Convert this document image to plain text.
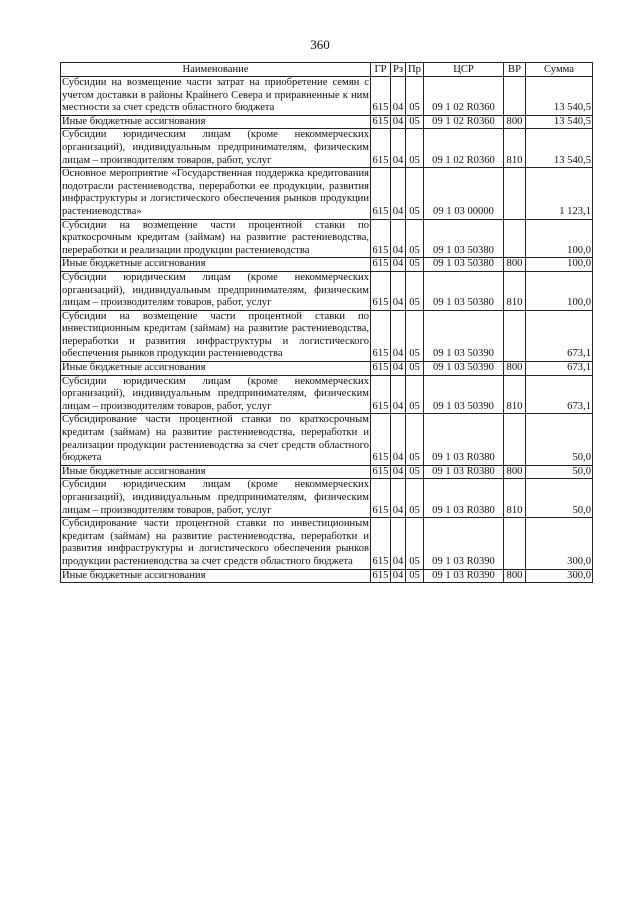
360
Наименование	ГР	Рз	Пр	ЦСР	ВР	Сумма
Субсидии на возмещение части затрат на приобретение семян с учетом доставки в районы Крайнего Севера и приравненные к ним местности за счет средств областного бюджета	615	04	05	09 1 02 R0360		13 540,5
Иные бюджетные ассигнования	615	04	05	09 1 02 R0360	800	13 540,5
Субсидии юридическим лицам (кроме некоммерческих организаций), индивидуальным предпринимателям, физическим лицам – производителям товаров, работ, услуг	615	04	05	09 1 02 R0360	810	13 540,5
Основное мероприятие «Государственная поддержка кредитования подотрасли растениеводства, переработки ее продукции, развития инфраструктуры и логистического обеспечения рынков продукции растениеводства»	615	04	05	09 1 03 00000		1 123,1
Субсидии на возмещение части процентной ставки по краткосрочным кредитам (займам) на развитие растениеводства, переработки и реализации продукции растениеводства	615	04	05	09 1 03 50380		100,0
Иные бюджетные ассигнования	615	04	05	09 1 03 50380	800	100,0
Субсидии юридическим лицам (кроме некоммерческих организаций), индивидуальным предпринимателям, физическим лицам – производителям товаров, работ, услуг	615	04	05	09 1 03 50380	810	100,0
Субсидии на возмещение части процентной ставки по инвестиционным кредитам (займам) на развитие растениеводства, переработки и развития инфраструктуры и логистического обеспечения рынков продукции растениеводства	615	04	05	09 1 03 50390		673,1
Иные бюджетные ассигнования	615	04	05	09 1 03 50390	800	673,1
Субсидии юридическим лицам (кроме некоммерческих организаций), индивидуальным предпринимателям, физическим лицам – производителям товаров, работ, услуг	615	04	05	09 1 03 50390	810	673,1
Субсидирование части процентной ставки по краткосрочным кредитам (займам) на развитие растениеводства, переработки и реализации продукции растениеводства за счет средств областного бюджета	615	04	05	09 1 03 R0380		50,0
Иные бюджетные ассигнования	615	04	05	09 1 03 R0380	800	50,0
Субсидии юридическим лицам (кроме некоммерческих организаций), индивидуальным предпринимателям, физическим лицам – производителям товаров, работ, услуг	615	04	05	09 1 03 R0380	810	50,0
Субсидирование части процентной ставки по инвестиционным кредитам (займам) на развитие растениеводства, переработки и развития инфраструктуры и логистического обеспечения рынков продукции растениеводства за счет средств областного бюджета	615	04	05	09 1 03 R0390		300,0
Иные бюджетные ассигнования	615	04	05	09 1 03 R0390	800	300,0
